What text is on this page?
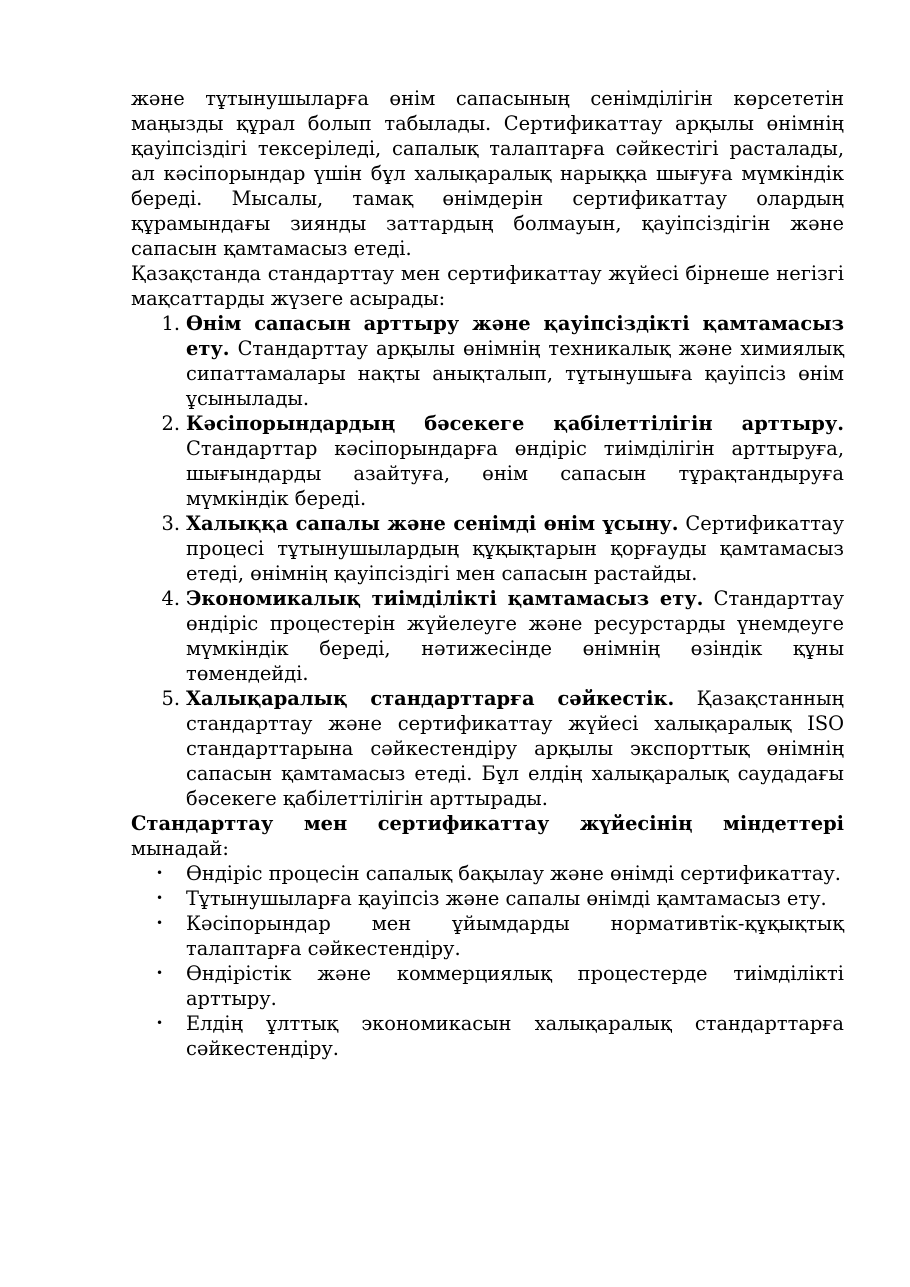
және тұтынушыларға өнім сапасының сенімділігін көрсететін маңызды құрал болып табылады. Сертификаттау арқылы өнімнің қауіпсіздігі тексеріледі, сапалық талаптарға сәйкестігі расталады, ал кәсіпорындар үшін бұл халықаралық нарыққа шығуға мүмкіндік береді. Мысалы, тамақ өнімдерін сертификаттау олардың құрамындағы зиянды заттардың болмауын, қауіпсіздігін және сапасын қамтамасыз етеді.

Қазақстанда стандарттау мен сертификаттау жүйесі бірнеше негізгі мақсаттарды жүзеге асырады:

1. Өнім сапасын арттыру және қауіпсіздікті қамтамасыз ету. Стандарттау арқылы өнімнің техникалық және химиялық сипаттамалары нақты анықталып, тұтынушыға қауіпсіз өнім ұсынылады.
2. Кәсіпорындардың бәсекеге қабілеттілігін арттыру. Стандарттар кәсіпорындарға өндіріс тиімділігін арттыруға, шығындарды азайтуға, өнім сапасын тұрақтандыруға мүмкіндік береді.
3. Халыққа сапалы және сенімді өнім ұсыну. Сертификаттау процесі тұтынушылардың құқықтарын қорғауды қамтамасыз етеді, өнімнің қауіпсіздігі мен сапасын растайды.
4. Экономикалық тиімділікті қамтамасыз ету. Стандарттау өндіріс процестерін жүйелеуге және ресурстарды үнемдеуге мүмкіндік береді, нәтижесінде өнімнің өзіндік құны төмендейді.
5. Халықаралық стандарттарға сәйкестік. Қазақстанның стандарттау және сертификаттау жүйесі халықаралық ISO стандарттарына сәйкестендіру арқылы экспорттық өнімнің сапасын қамтамасыз етеді. Бұл елдің халықаралық саудадағы бәсекеге қабілеттілігін арттырады.

Стандарттау мен сертификаттау жүйесінің міндеттері мынадай:

• Өндіріс процесін сапалық бақылау және өнімді сертификаттау.
• Тұтынушыларға қауіпсіз және сапалы өнімді қамтамасыз ету.
• Кәсіпорындар мен ұйымдарды нормативтік-құқықтық талаптарға сәйкестендіру.
• Өндірістік және коммерциялық процестерде тиімділікті арттыру.
• Елдің ұлттық экономикасын халықаралық стандарттарға сәйкестендіру.
